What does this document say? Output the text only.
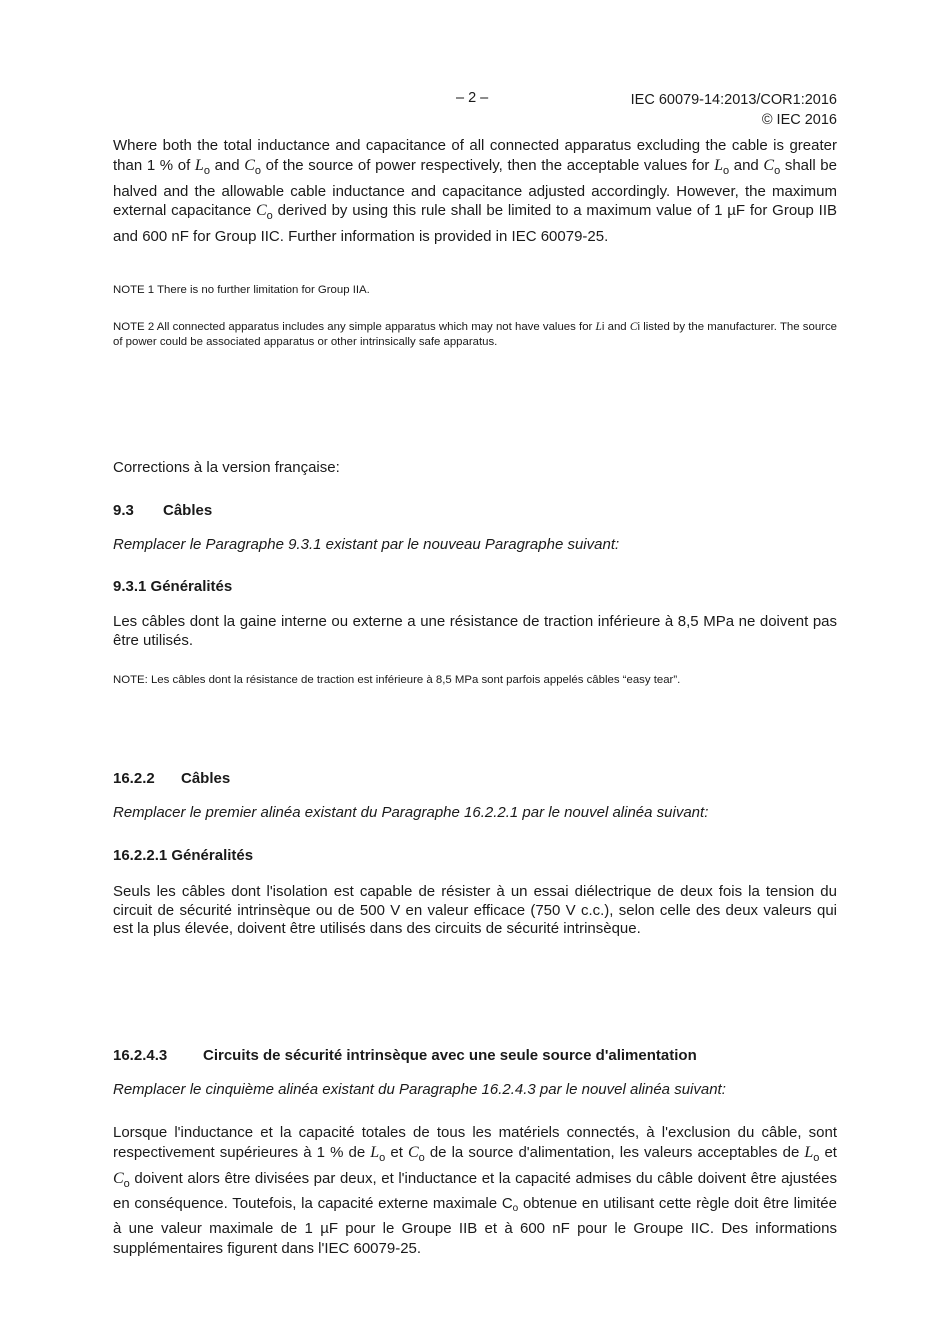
– 2 –	IEC 60079-14:2013/COR1:2016
© IEC 2016

Where both the total inductance and capacitance of all connected apparatus excluding the cable is greater than 1 % of $L_o$ and $C_o$ of the source of power respectively, then the acceptable values for $L_o$ and $C_o$ shall be halved and the allowable cable inductance and capacitance adjusted accordingly. However, the maximum external capacitance $C_o$ derived by using this rule shall be limited to a maximum value of 1 µF for Group IIB and 600 nF for Group IIC. Further information is provided in IEC 60079-25.

NOTE 1 There is no further limitation for Group IIA.

NOTE 2 All connected apparatus includes any simple apparatus which may not have values for Li and Ci listed by the manufacturer. The source of power could be associated apparatus or other intrinsically safe apparatus.

Corrections à la version française:

9.3 Câbles

Remplacer le Paragraphe 9.3.1 existant par le nouveau Paragraphe suivant:

9.3.1 Généralités

Les câbles dont la gaine interne ou externe a une résistance de traction inférieure à 8,5 MPa ne doivent pas être utilisés.

NOTE: Les câbles dont la résistance de traction est inférieure à 8,5 MPa sont parfois appelés câbles “easy tear”.

16.2.2 Câbles

Remplacer le premier alinéa existant du Paragraphe 16.2.2.1 par le nouvel alinéa suivant:

16.2.2.1 Généralités

Seuls les câbles dont l'isolation est capable de résister à un essai diélectrique de deux fois la tension du circuit de sécurité intrinsèque ou de 500 V en valeur efficace (750 V c.c.), selon celle des deux valeurs qui est la plus élevée, doivent être utilisés dans des circuits de sécurité intrinsèque.

16.2.4.3 Circuits de sécurité intrinsèque avec une seule source d'alimentation

Remplacer le cinquième alinéa existant du Paragraphe 16.2.4.3 par le nouvel alinéa suivant:

Lorsque l'inductance et la capacité totales de tous les matériels connectés, à l'exclusion du câble, sont respectivement supérieures à 1 % de $L_o$ et $C_o$ de la source d'alimentation, les valeurs acceptables de $L_o$ et $C_o$ doivent alors être divisées par deux, et l'inductance et la capacité admises du câble doivent être ajustées en conséquence. Toutefois, la capacité externe maximale $C_o$ obtenue en utilisant cette règle doit être limitée à une valeur maximale de 1 µF pour le Groupe IIB et à 600 nF pour le Groupe IIC. Des informations supplémentaires figurent dans l'IEC 60079-25.
